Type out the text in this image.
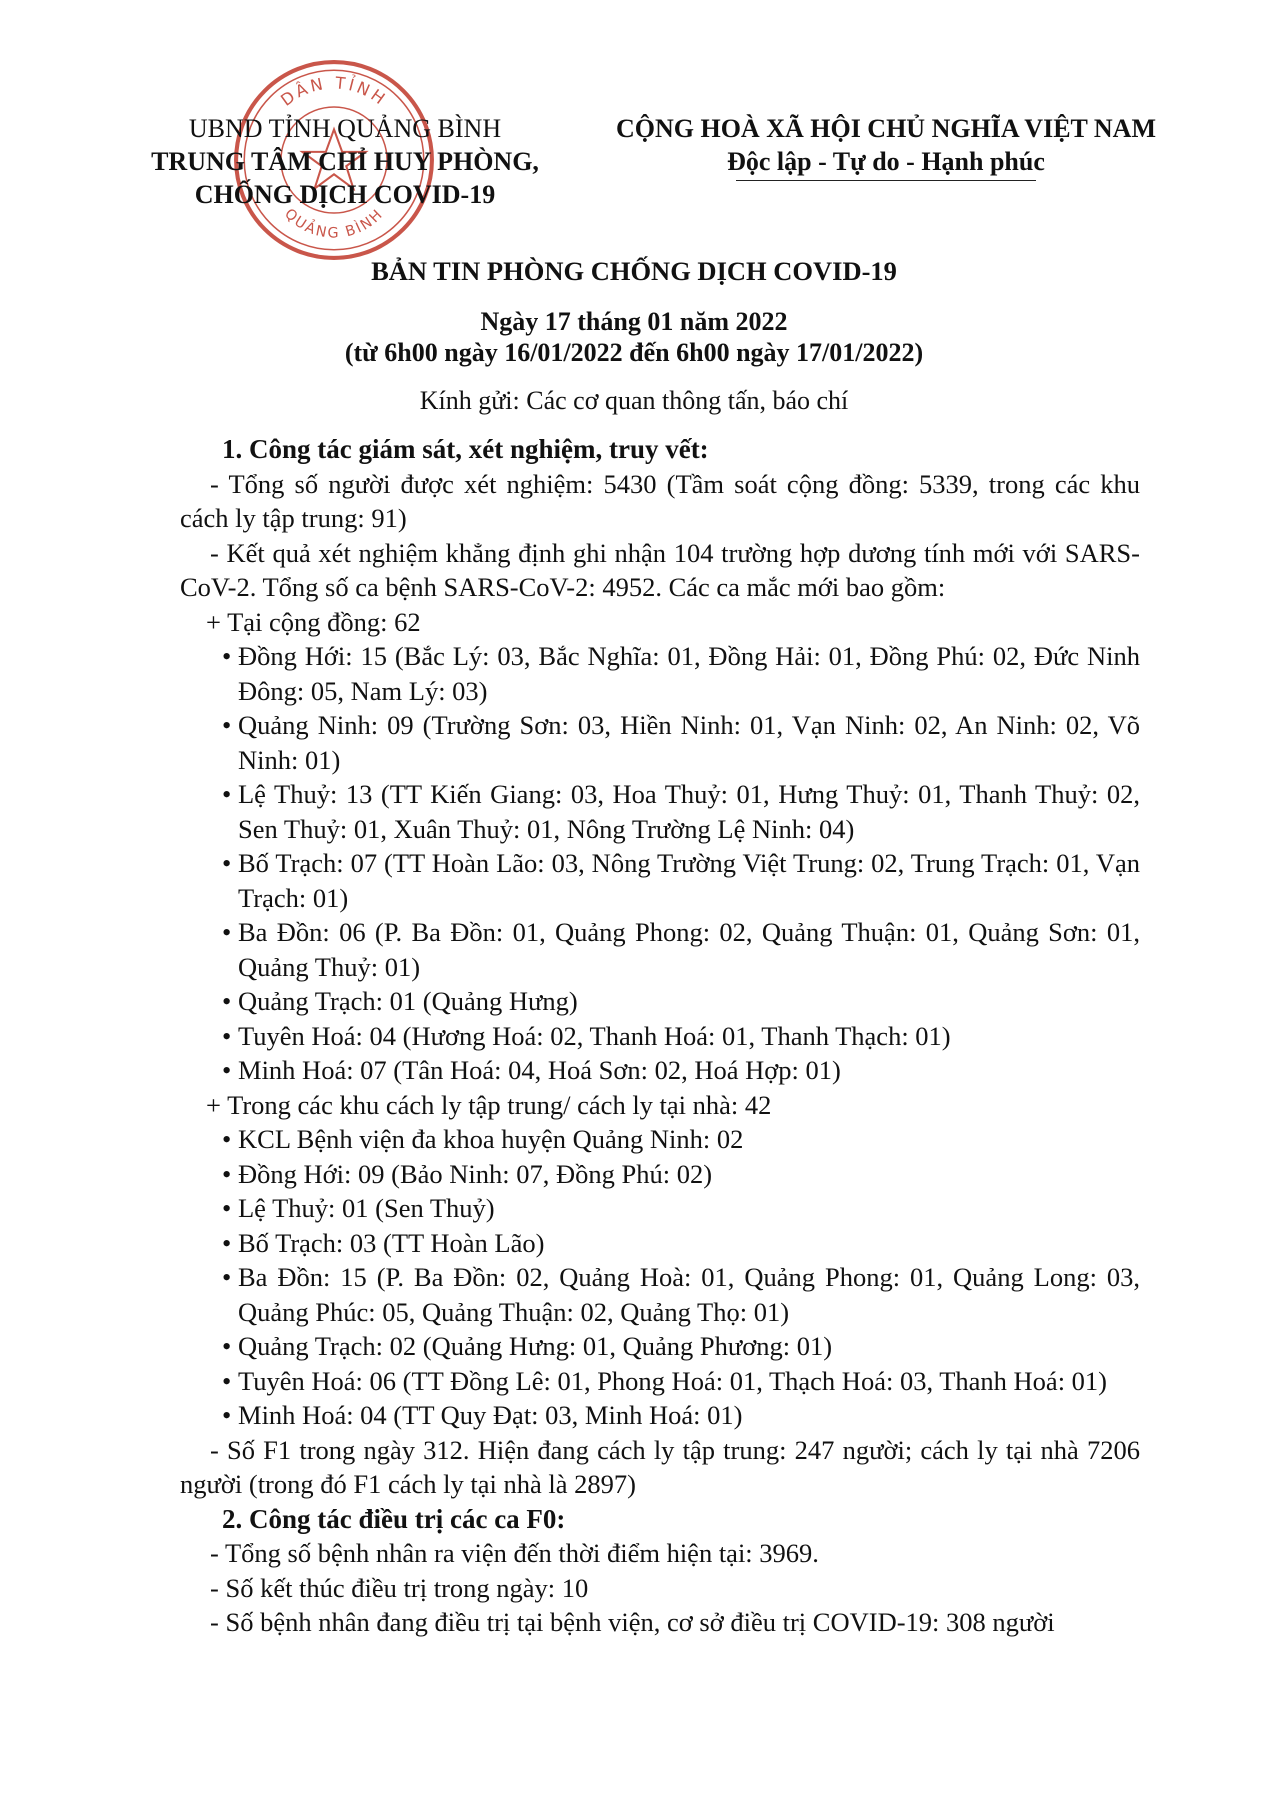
DÂN TỈNH
QUẢNG BÌNH
UBND TỈNH QUẢNG BÌNH
TRUNG TÂM CHỈ HUY PHÒNG,
CHỐNG DỊCH COVID-19
CỘNG HOÀ XÃ HỘI CHỦ NGHĨA VIỆT NAM
Độc lập - Tự do - Hạnh phúc
BẢN TIN PHÒNG CHỐNG DỊCH COVID-19
Ngày 17 tháng 01 năm 2022
(từ 6h00 ngày 16/01/2022 đến 6h00 ngày 17/01/2022)
Kính gửi: Các cơ quan thông tấn, báo chí

1. Công tác giám sát, xét nghiệm, truy vết:

- Tổng số người được xét nghiệm: 5430 (Tầm soát cộng đồng: 5339, trong các khu cách ly tập trung: 91)

- Kết quả xét nghiệm khẳng định ghi nhận 104 trường hợp dương tính mới với SARS-CoV-2. Tổng số ca bệnh SARS-CoV-2: 4952. Các ca mắc mới bao gồm:

+ Tại cộng đồng: 62

• Đồng Hới: 15 (Bắc Lý: 03, Bắc Nghĩa: 01, Đồng Hải: 01, Đồng Phú: 02, Đức Ninh Đông: 05, Nam Lý: 03)
• Quảng Ninh: 09 (Trường Sơn: 03, Hiền Ninh: 01, Vạn Ninh: 02, An Ninh: 02, Võ Ninh: 01)
• Lệ Thuỷ: 13 (TT Kiến Giang: 03, Hoa Thuỷ: 01, Hưng Thuỷ: 01, Thanh Thuỷ: 02, Sen Thuỷ: 01, Xuân Thuỷ: 01, Nông Trường Lệ Ninh: 04)
• Bố Trạch: 07 (TT Hoàn Lão: 03, Nông Trường Việt Trung: 02, Trung Trạch: 01, Vạn Trạch: 01)
• Ba Đồn: 06 (P. Ba Đồn: 01, Quảng Phong: 02, Quảng Thuận: 01, Quảng Sơn: 01, Quảng Thuỷ: 01)
• Quảng Trạch: 01 (Quảng Hưng)
• Tuyên Hoá: 04 (Hương Hoá: 02, Thanh Hoá: 01, Thanh Thạch: 01)
• Minh Hoá: 07 (Tân Hoá: 04, Hoá Sơn: 02, Hoá Hợp: 01)

+ Trong các khu cách ly tập trung/ cách ly tại nhà: 42

• KCL Bệnh viện đa khoa huyện Quảng Ninh: 02
• Đồng Hới: 09 (Bảo Ninh: 07, Đồng Phú: 02)
• Lệ Thuỷ: 01 (Sen Thuỷ)
• Bố Trạch: 03 (TT Hoàn Lão)
• Ba Đồn: 15 (P. Ba Đồn: 02, Quảng Hoà: 01, Quảng Phong: 01, Quảng Long: 03, Quảng Phúc: 05, Quảng Thuận: 02, Quảng Thọ: 01)
• Quảng Trạch: 02 (Quảng Hưng: 01, Quảng Phương: 01)
• Tuyên Hoá: 06 (TT Đồng Lê: 01, Phong Hoá: 01, Thạch Hoá: 03, Thanh Hoá: 01)
• Minh Hoá: 04 (TT Quy Đạt: 03, Minh Hoá: 01)

- Số F1 trong ngày 312. Hiện đang cách ly tập trung: 247 người; cách ly tại nhà 7206 người (trong đó F1 cách ly tại nhà là 2897)

2. Công tác điều trị các ca F0:

- Tổng số bệnh nhân ra viện đến thời điểm hiện tại: 3969.

- Số kết thúc điều trị trong ngày: 10

- Số bệnh nhân đang điều trị tại bệnh viện, cơ sở điều trị COVID-19: 308 người
